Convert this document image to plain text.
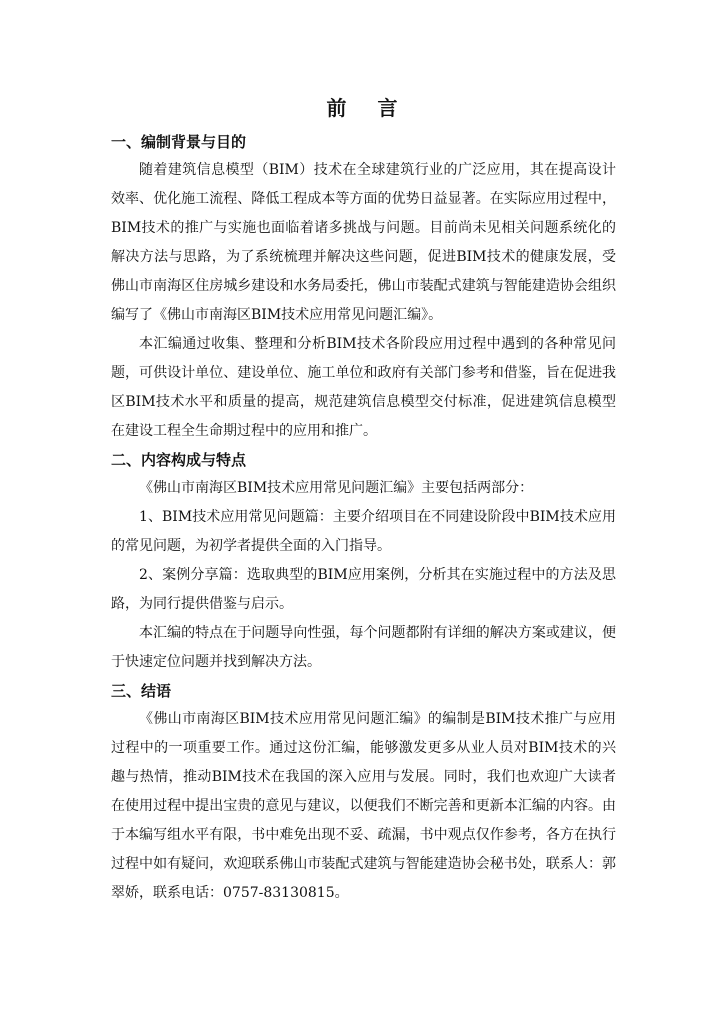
前 言
一、编制背景与目的

随着建筑信息模型（BIM）技术在全球建筑行业的广泛应用，其在提高设计效率、优化施工流程、降低工程成本等方面的优势日益显著。在实际应用过程中，BIM技术的推广与实施也面临着诸多挑战与问题。目前尚未见相关问题系统化的解决方法与思路，为了系统梳理并解决这些问题，促进BIM技术的健康发展，受佛山市南海区住房城乡建设和水务局委托，佛山市装配式建筑与智能建造协会组织编写了《佛山市南海区BIM技术应用常见问题汇编》。

本汇编通过收集、整理和分析BIM技术各阶段应用过程中遇到的各种常见问题，可供设计单位、建设单位、施工单位和政府有关部门参考和借鉴，旨在促进我区BIM技术水平和质量的提高，规范建筑信息模型交付标准，促进建筑信息模型在建设工程全生命期过程中的应用和推广。

二、内容构成与特点

《佛山市南海区BIM技术应用常见问题汇编》主要包括两部分：

1、BIM技术应用常见问题篇：主要介绍项目在不同建设阶段中BIM技术应用的常见问题，为初学者提供全面的入门指导。

2、案例分享篇：选取典型的BIM应用案例，分析其在实施过程中的方法及思路，为同行提供借鉴与启示。

本汇编的特点在于问题导向性强，每个问题都附有详细的解决方案或建议，便于快速定位问题并找到解决方法。

三、结语

《佛山市南海区BIM技术应用常见问题汇编》的编制是BIM技术推广与应用过程中的一项重要工作。通过这份汇编，能够激发更多从业人员对BIM技术的兴趣与热情，推动BIM技术在我国的深入应用与发展。同时，我们也欢迎广大读者在使用过程中提出宝贵的意见与建议，以便我们不断完善和更新本汇编的内容。由于本编写组水平有限，书中难免出现不妥、疏漏，书中观点仅作参考，各方在执行过程中如有疑问，欢迎联系佛山市装配式建筑与智能建造协会秘书处，联系人：郭翠娇，联系电话：0757-83130815。
